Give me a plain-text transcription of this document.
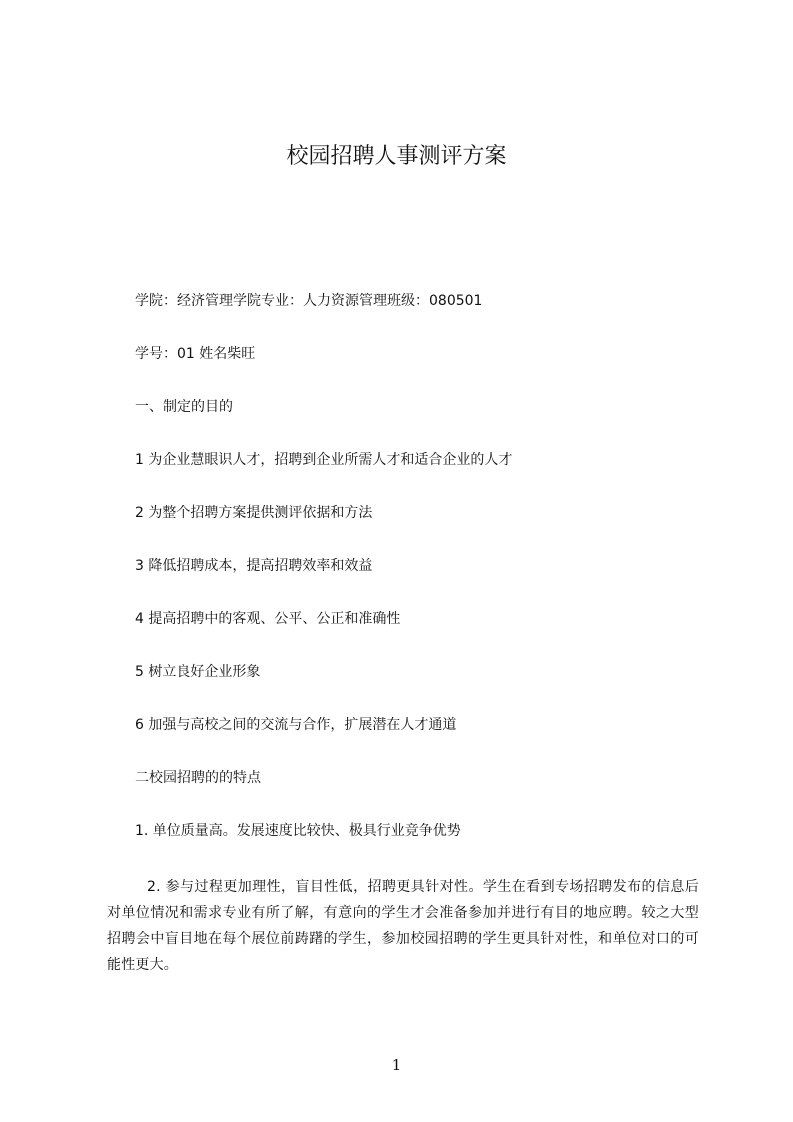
校园招聘人事测评方案

学院：经济管理学院专业：人力资源管理班级：080501

学号：01 姓名柴旺

一、制定的目的

1 为企业慧眼识人才，招聘到企业所需人才和适合企业的人才

2 为整个招聘方案提供测评依据和方法

3 降低招聘成本，提高招聘效率和效益

4 提高招聘中的客观、公平、公正和准确性

5 树立良好企业形象

6 加强与高校之间的交流与合作，扩展潜在人才通道

二校园招聘的的特点

1. 单位质量高。发展速度比较快、极具行业竞争优势

2. 参与过程更加理性，盲目性低，招聘更具针对性。学生在看到专场招聘发布的信息后对单位情况和需求专业有所了解，有意向的学生才会准备参加并进行有目的地应聘。较之大型招聘会中盲目地在每个展位前踌躇的学生，参加校园招聘的学生更具针对性，和单位对口的可能性更大。

1
